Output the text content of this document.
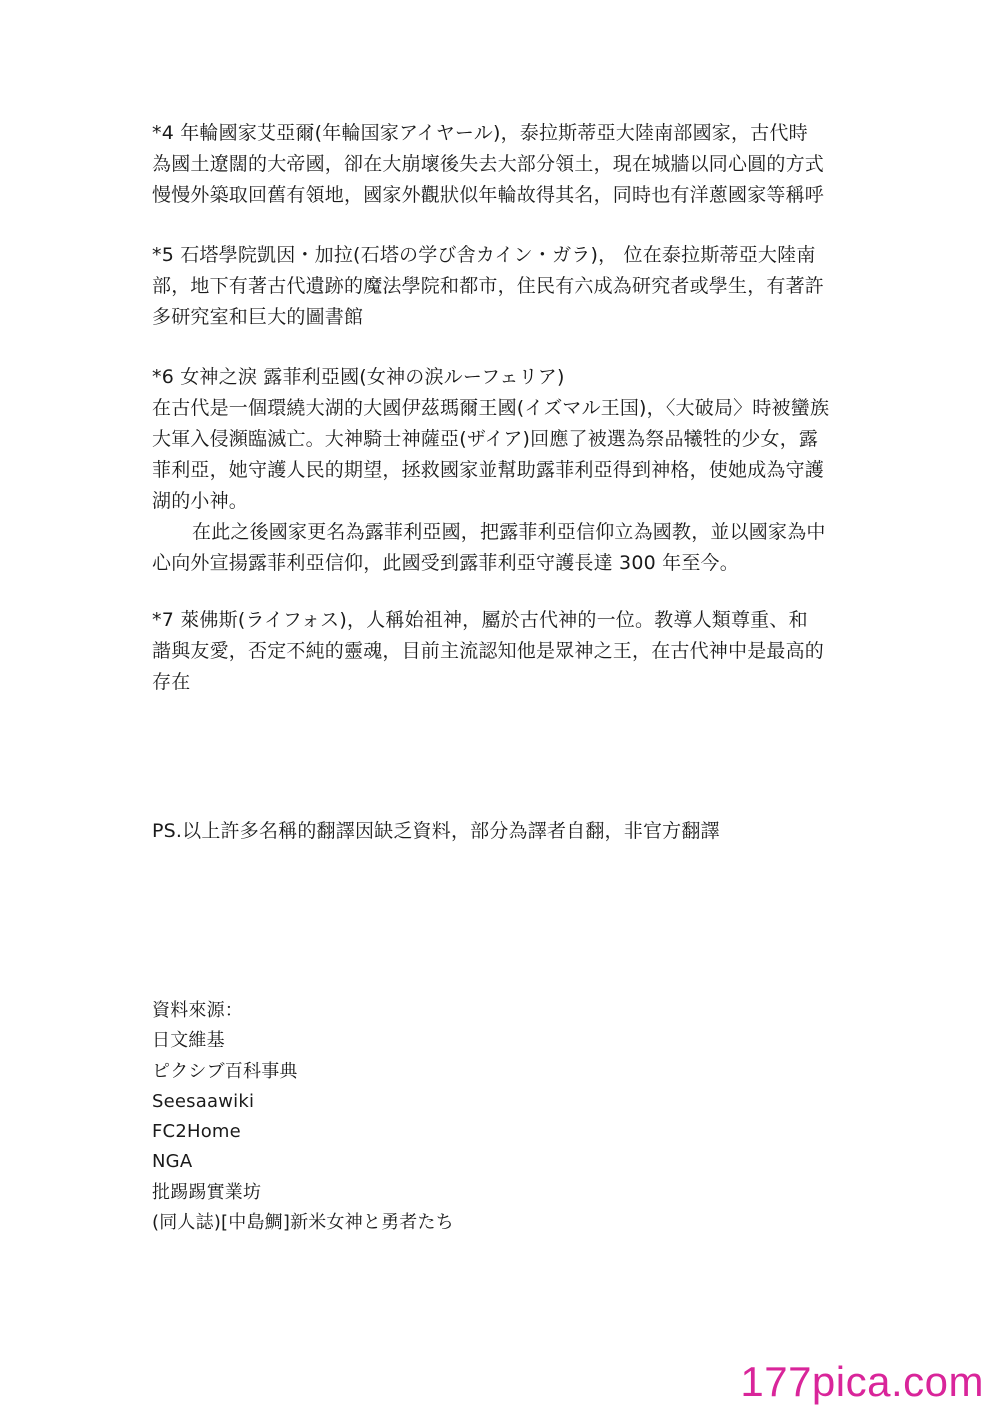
*4 年輪國家艾亞爾(年輪国家アイヤール)，泰拉斯蒂亞大陸南部國家，古代時
為國土遼闊的大帝國，卻在大崩壞後失去大部分領土，現在城牆以同心圓的方式
慢慢外築取回舊有領地，國家外觀狀似年輪故得其名，同時也有洋蔥國家等稱呼
*5 石塔學院凱因・加拉(石塔の学び舎カイン・ガラ)， 位在泰拉斯蒂亞大陸南
部，地下有著古代遺跡的魔法學院和都市，住民有六成為研究者或學生，有著許
多研究室和巨大的圖書館
*6 女神之淚 露菲利亞國(女神の涙ルーフェリア)
在古代是一個環繞大湖的大國伊茲瑪爾王國(イズマル王国)，〈大破局〉時被蠻族
大軍入侵瀕臨滅亡。大神騎士神薩亞(ザイア)回應了被選為祭品犧牲的少女，露
菲利亞，她守護人民的期望，拯救國家並幫助露菲利亞得到神格，使她成為守護
湖的小神。
在此之後國家更名為露菲利亞國，把露菲利亞信仰立為國教，並以國家為中
心向外宣揚露菲利亞信仰，此國受到露菲利亞守護長達 300 年至今。
*7 萊佛斯(ライフォス)，人稱始祖神，屬於古代神的一位。教導人類尊重、和
諧與友愛，否定不純的靈魂，目前主流認知他是眾神之王，在古代神中是最高的
存在
PS.以上許多名稱的翻譯因缺乏資料，部分為譯者自翻，非官方翻譯
資料來源：
日文維基
ピクシブ百科事典
Seesaawiki
FC2Home
NGA
批踢踢實業坊
(同人誌)[中島鯛]新米女神と勇者たち
177pica.com
